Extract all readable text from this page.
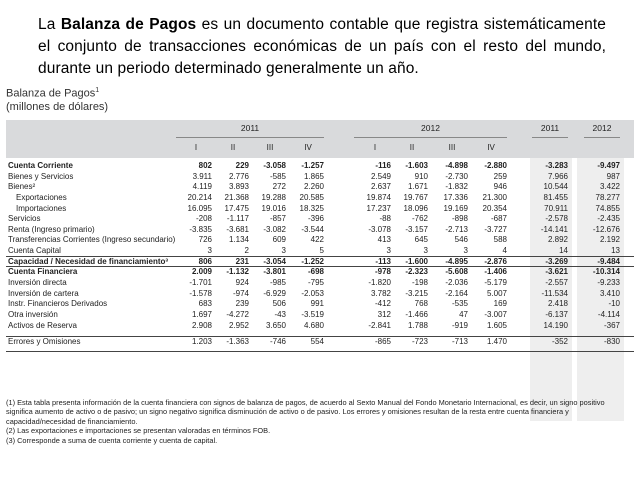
La Balanza de Pagos es un documento contable que registra sistemáticamente el conjunto de transacciones económicas de un país con el resto del mundo, durante un periodo determinado generalmente un año.
Balanza de Pagos$^1$
(millones de dólares)
2011	2012	2011	2012
I	II	III	IV	I	II	III	IV
Cuenta Corriente	802	229	-3.058	-1.257	-116	-1.603	-4.898	-2.880	-3.283	-9.497
Bienes y Servicios	3.911	2.776	-585	1.865	2.549	910	-2.730	259	7.966	987
Bienes²	4.119	3.893	272	2.260	2.637	1.671	-1.832	946	10.544	3.422
Exportaciones	20.214	21.368	19.288	20.585	19.874	19.767	17.336	21.300	81.455	78.277
Importaciones	16.095	17.475	19.016	18.325	17.237	18.096	19.169	20.354	70.911	74.855
Servicios	-208	-1.117	-857	-396	-88	-762	-898	-687	-2.578	-2.435
Renta (Ingreso primario)	-3.835	-3.681	-3.082	-3.544	-3.078	-3.157	-2.713	-3.727	-14.141	-12.676
Transferencias Corrientes (Ingreso secundario)	726	1.134	609	422	413	645	546	588	2.892	2.192
Cuenta Capital	3	2	3	5	3	3	3	4	14	13
Capacidad / Necesidad de financiamiento³	806	231	-3.054	-1.252	-113	-1.600	-4.895	-2.876	-3.269	-9.484
Cuenta Financiera	2.009	-1.132	-3.801	-698	-978	-2.323	-5.608	-1.406	-3.621	-10.314
Inversión directa	-1.701	924	-985	-795	-1.820	-198	-2.036	-5.179	-2.557	-9.233
Inversión de cartera	-1.578	-974	-6.929	-2.053	3.782	-3.215	-2.164	5.007	-11.534	3.410
Instr. Financieros Derivados	683	239	506	991	-412	768	-535	169	2.418	-10
Otra inversión	1.697	-4.272	-43	-3.519	312	-1.466	47	-3.007	-6.137	-4.114
Activos de Reserva	2.908	2.952	3.650	4.680	-2.841	1.788	-919	1.605	14.190	-367
Errores y Omisiones	1.203	-1.363	-746	554	-865	-723	-713	1.470	-352	-830
(1) Esta tabla presenta información de la cuenta financiera con signos de balanza de pagos, de acuerdo al Sexto Manual del Fondo Monetario Internacional, es decir, un signo positivo significa aumento de activo o de pasivo; un signo negativo significa disminución de activo o de pasivo. Los errores y omisiones resultan de la resta entre cuenta financiera y capacidad/necesidad de financiamiento.
(2) Las exportaciones e importaciones se presentan valoradas en términos FOB.
(3) Corresponde a suma de cuenta corriente y cuenta de capital.
